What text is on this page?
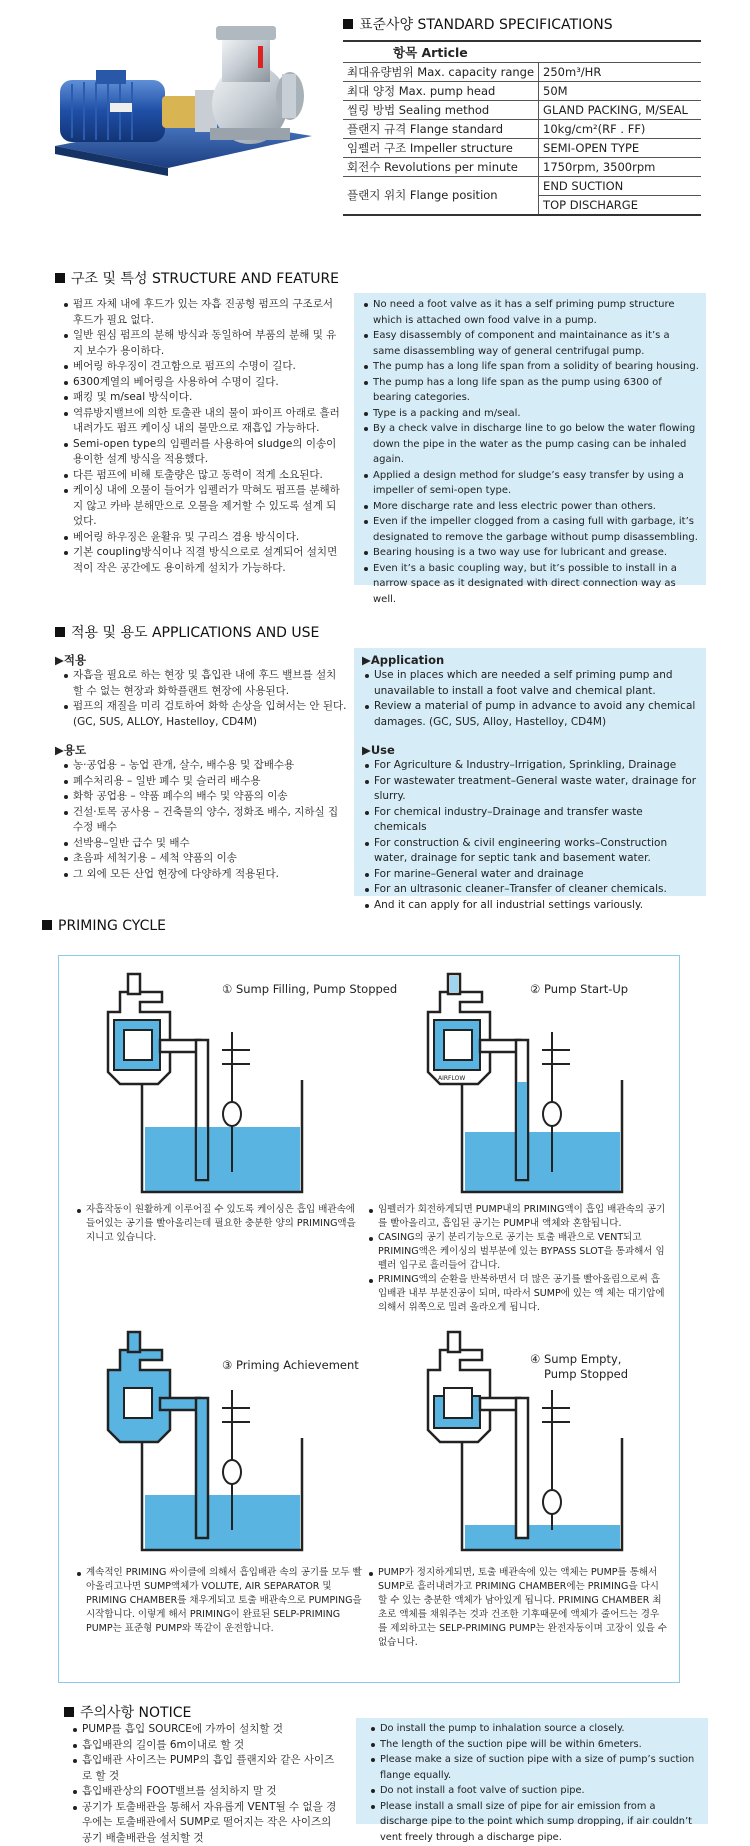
표준사양 STANDARD SPECIFICATIONS
항목 Article	
최대유량범위 Max. capacity range	250m³/HR
최대 양정 Max. pump head	50M
씰링 방법 Sealing method	GLAND PACKING, M/SEAL
플랜지 규격 Flange standard	10kg/cm²(RF . FF)
임펠러 구조 Impeller structure	SEMI-OPEN TYPE
회전수 Revolutions per minute	1750rpm, 3500rpm
플랜지 위치 Flange position	END SUCTION
	TOP DISCHARGE
구조 및 특성 STRUCTURE AND FEATURE
펌프 자체 내에 후드가 있는 자흡 진공형 펌프의 구조로서 후드가 필요 없다.
일반 원심 펌프의 분해 방식과 동일하여 부품의 분해 및 유지 보수가 용이하다.
베어링 하우징이 견고함으로 펌프의 수명이 길다.
6300계열의 베어링을 사용하여 수명이 길다.
패킹 및 m/seal 방식이다.
역류방지밸브에 의한 토출관 내의 물이 파이프 아래로 흘러 내려가도 펌프 케이싱 내의 물만으로 재흡입 가능하다.
Semi-open type의 임펠러를 사용하여 sludge의 이송이 용이한 설계 방식을 적용했다.
다른 펌프에 비해 토출량은 많고 동력이 적게 소요된다.
케이싱 내에 오물이 들어가 임펠러가 막혀도 펌프를 분해하지 않고 카바 분해만으로 오물을 제거할 수 있도록 설계 되었다.
베어링 하우징은 윤활유 및 구리스 겸용 방식이다.
기본 coupling방식이나 직결 방식으로로 설계되어 설치면적이 작은 공간에도 용이하게 설치가 가능하다.
No need a foot valve as it has a self priming pump structure which is attached own food valve in a pump.
Easy disassembly of component and maintainance as it’s a same disassembling way of general centrifugal pump.
The pump has a long life span from a solidity of bearing housing.
The pump has a long life span as the pump using 6300 of bearing categories.
Type is a packing and m/seal.
By a check valve in discharge line to go below the water flowing down the pipe in the water as the pump casing can be inhaled again.
Applied a design method for sludge’s easy transfer by using a impeller of semi-open type.
More discharge rate and less electric power than others.
Even if the impeller clogged from a casing full with garbage, it’s designated to remove the garbage without pump disassembling.
Bearing housing is a two way use for lubricant and grease.
Even it’s a basic coupling way, but it’s possible to install in a narrow space as it designated with direct connection way as well.
적용 및 용도 APPLICATIONS AND USE
▶적용
자흡을 필요로 하는 현장 및 흡입관 내에 후드 밸브를 설치 할 수 없는 현장과 화학플랜트 현장에 사용된다.
펌프의 재질을 미리 검토하여 화학 손상을 입혀서는 안 된다. (GC, SUS, ALLOY, Hastelloy, CD4M)
▶용도
농·공업용 – 농업 관개, 살수, 배수용 및 잡배수용
폐수처리용 – 일반 폐수 및 슬러리 배수용
화학 공업용 – 약품 폐수의 배수 및 약품의 이송
건설·토목 공사용 – 건축물의 양수, 정화조 배수, 지하실 집수정 배수
선박용–일반 급수 및 배수
초음파 세척기용 – 세척 약품의 이송
그 외에 모든 산업 현장에 다양하게 적용된다.
▶Application
Use in places which are needed a self priming pump and unavailable to install a foot valve and chemical plant.
Review a material of pump in advance to avoid any chemical damages. (GC, SUS, Alloy, Hastelloy, CD4M)
▶Use
For Agriculture & Industry–Irrigation, Sprinkling, Drainage
For wastewater treatment–General waste water, drainage for slurry.
For chemical industry–Drainage and transfer waste chemicals
For construction & civil engineering works–Construction water, drainage for septic tank and basement water.
For marine–General water and drainage
For an ultrasonic cleaner–Transfer of cleaner chemicals.
And it can apply for all industrial settings variously.
PRIMING CYCLE
① Sump Filling, Pump Stopped
AIRFLOW
② Pump Start-Up
자흡작동이 원활하게 이루어질 수 있도록 케이싱은 흡입 배관속에 들어있는 공기를 빨아올리는데 필요한 충분한 양의 PRIMING액을 지니고 있습니다.
임펠러가 회전하게되면 PUMP내의 PRIMING액이 흡입 배관속의 공기를 빨아올리고, 흡입된 공기는 PUMP내 액체와 혼합됩니다.
CASING의 공기 분리기능으로 공기는 토출 배관으로 VENT되고 PRIMING액은 케이싱의 벌부분에 있는 BYPASS SLOT을 통과해서 임펠러 입구로 흘러들어 갑니다.
PRIMING액의 순환을 반복하면서 더 많은 공기를 빨아올림으로써 흡입배관 내부 부분진공이 되며, 따라서 SUMP에 있는 액 체는 대기압에 의해서 위쪽으로 밀려 올라오게 됩니다.
③ Priming Achievement	④ Sump Empty,
Pump Stopped
계속적인 PRIMING 싸이클에 의해서 흡입배관 속의 공기를 모두 빨아올리고나면 SUMP액체가 VOLUTE, AIR SEPARATOR 및 PRIMING CHAMBER를 채우게되고 토출 배관속으로 PUMPING을 시작합니다. 이렇게 해서 PRIMING이 완료된 SELP-PRIMING PUMP는 표준형 PUMP와 똑같이 운전합니다.
PUMP가 정지하게되면, 토출 배관속에 있는 액체는 PUMP를 통해서 SUMP로 흘러내려가고 PRIMING CHAMBER에는 PRIMING을 다시 할 수 있는 충분한 액체가 남아있게 됩니다. PRIMING CHAMBER 최초로 액체를 채워주는 것과 건조한 기후때문에 액체가 줄어드는 경우를 제외하고는 SELP-PRIMING PUMP는 완전자동이며 고장이 있을 수 없습니다.
주의사항 NOTICE
PUMP를 흡입 SOURCE에 가까이 설치할 것
흡입배관의 길이를 6m이내로 할 것
흡입배관 사이즈는 PUMP의 흡입 플랜지와 같은 사이즈로 할 것
흡입배관상의 FOOT밸브를 설치하지 말 것
공기가 토출배관을 통해서 자유롭게 VENT될 수 없을 경우에는 토출배관에서 SUMP로 떨어지는 작은 사이즈의 공기 배출배관을 설치할 것
Do install the pump to inhalation source a closely.
The length of the suction pipe will be within 6meters.
Please make a size of suction pipe with a size of pump’s suction flange equally.
Do not install a foot valve of suction pipe.
Please install a small size of pipe for air emission from a discharge pipe to the point which sump dropping, if air couldn’t vent freely through a discharge pipe.
